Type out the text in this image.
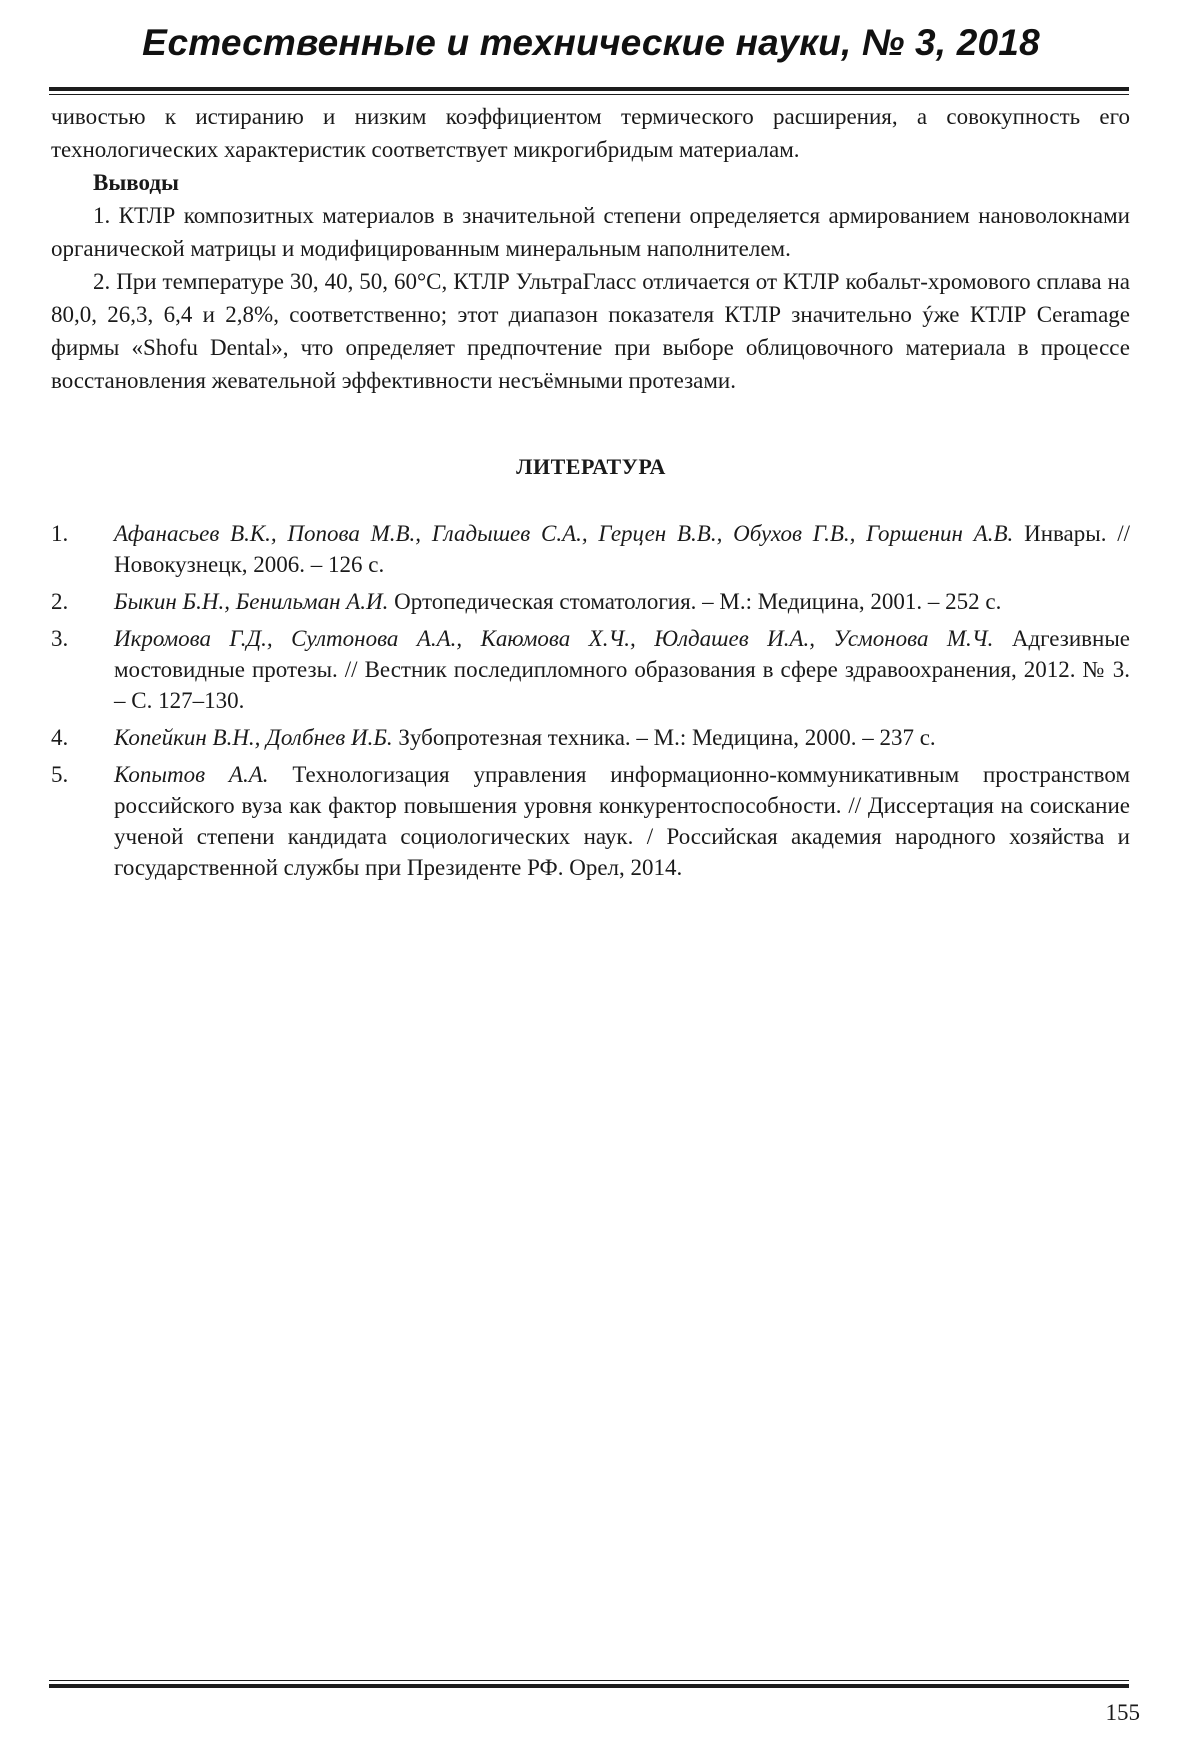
Естественные и технические науки, № 3, 2018

чивостью к истиранию и низким коэффициентом термического расширения, а совокупность его технологических характеристик соответствует микрогибридым материалам.

Выводы

1. КТЛР композитных материалов в значительной степени определяется армированием нановолокнами органической матрицы и модифицированным минеральным наполнителем.

2. При температуре 30, 40, 50, 60°С, КТЛР УльтраГласс отличается от КТЛР кобальт-хромового сплава на 80,0, 26,3, 6,4 и 2,8%, соответственно; этот диапазон показателя КТЛР значительно ýже КТЛР Ceramage фирмы «Shofu Dental», что определяет предпочтение при выборе облицовочного материала в процессе восстановления жевательной эффективности несъёмными протезами.

ЛИТЕРАТУРА
1.	Афанасьев В.К., Попова М.В., Гладышев С.А., Герцен В.В., Обухов Г.В., Горшенин А.В. Инвары. // Новокузнецк, 2006. – 126 с.
2.	Быкин Б.Н., Бенильман А.И. Ортопедическая стоматология. – М.: Медицина, 2001. – 252 с.
3.	Икромова Г.Д., Султонова А.А., Каюмова Х.Ч., Юлдашев И.А., Усмонова М.Ч. Адгезивные мостовидные протезы. // Вестник последипломного образования в сфере здравоохранения, 2012. № 3. – С. 127–130.
4.	Копейкин В.Н., Долбнев И.Б. Зубопротезная техника. – М.: Медицина, 2000. – 237 с.
5.	Копытов А.А. Технологизация управления информационно-коммуникативным пространством российского вуза как фактор повышения уровня конкурентоспособности. // Диссертация на соискание ученой степени кандидата социологических наук. / Российская академия народного хозяйства и государственной службы при Президенте РФ. Орел, 2014.
155
